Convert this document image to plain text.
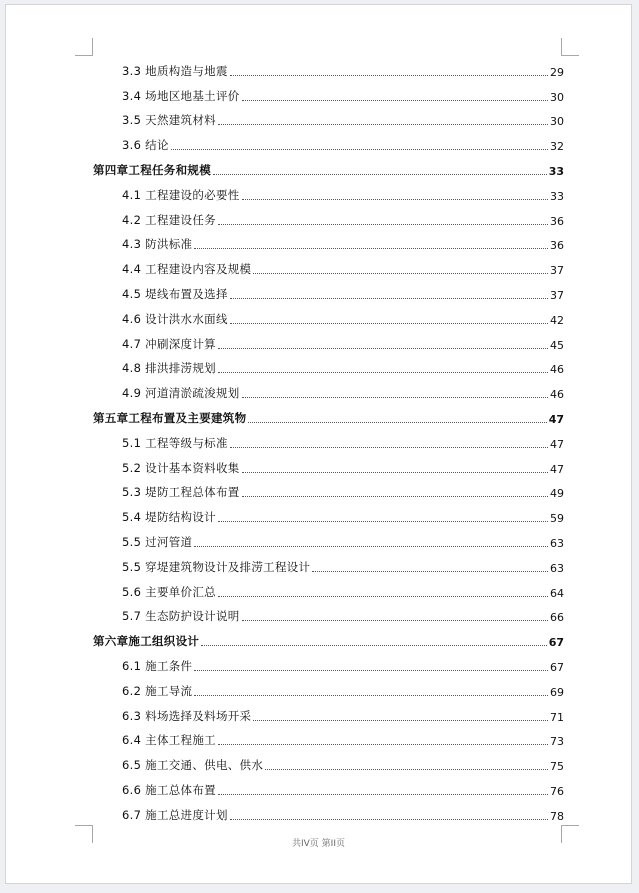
3.3 地质构造与地震	29
3.4 场地区地基土评价	30
3.5 天然建筑材料	30
3.6 结论	32
第四章工程任务和规模	33
4.1 工程建设的必要性	33
4.2 工程建设任务	36
4.3 防洪标准	36
4.4 工程建设内容及规模	37
4.5 堤线布置及选择	37
4.6 设计洪水水面线	42
4.7 冲刷深度计算	45
4.8 排洪排涝规划	46
4.9 河道清淤疏浚规划	46
第五章工程布置及主要建筑物	47
5.1 工程等级与标准	47
5.2 设计基本资料收集	47
5.3 堤防工程总体布置	49
5.4 堤防结构设计	59
5.5 过河管道	63
5.5 穿堤建筑物设计及排涝工程设计	63
5.6 主要单价汇总	64
5.7 生态防护设计说明	66
第六章施工组织设计	67
6.1 施工条件	67
6.2 施工导流	69
6.3 料场选择及料场开采	71
6.4 主体工程施工	73
6.5 施工交通、供电、供水	75
6.6 施工总体布置	76
6.7 施工总进度计划	78
共IV页 第II页
